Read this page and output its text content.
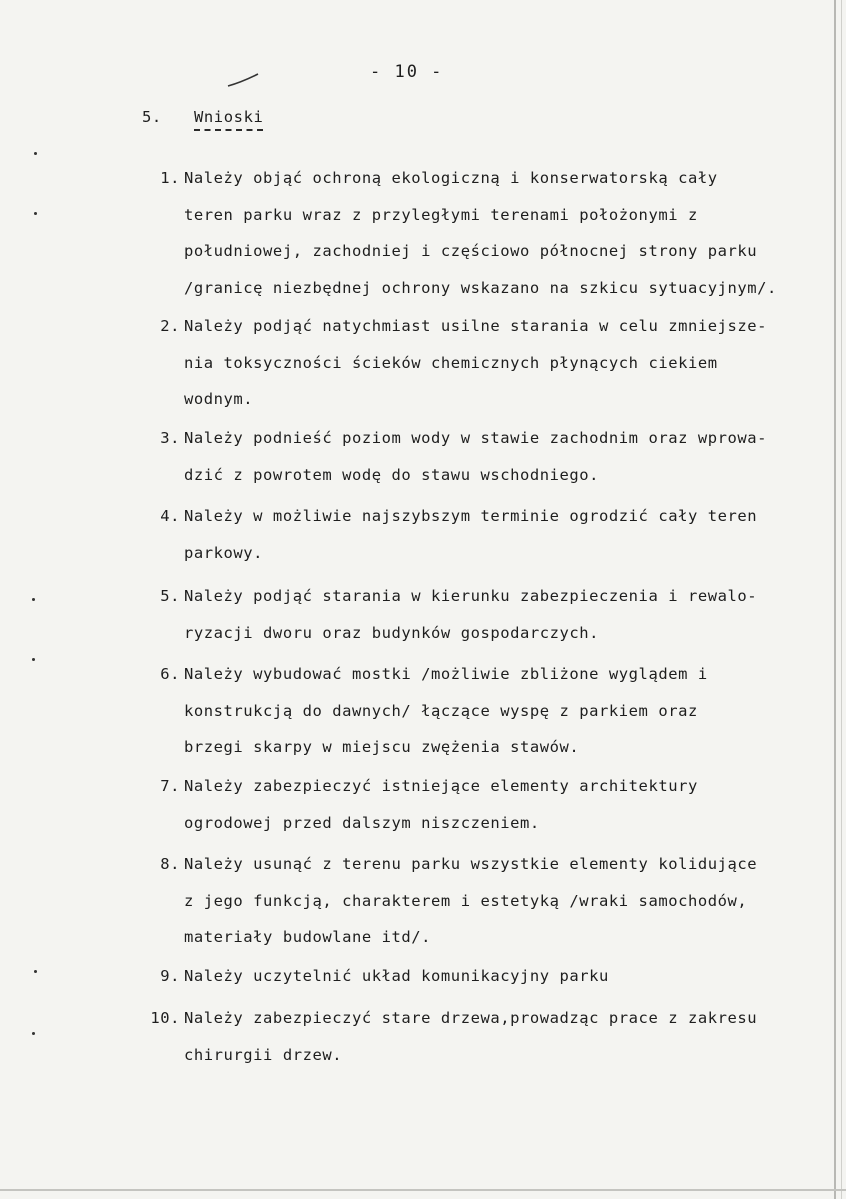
- 10 -
5. Wnioski
1. Należy objąć ochroną ekologiczną i konserwatorską cały
teren parku wraz z przyległymi terenami położonymi z
południowej, zachodniej i częściowo północnej strony parku
/granicę niezbędnej ochrony wskazano na szkicu sytuacyjnym/.
2. Należy podjąć natychmiast usilne starania w celu zmniejsze-
nia toksyczności ścieków chemicznych płynących ciekiem
wodnym.
3. Należy podnieść poziom wody w stawie zachodnim oraz wprowa-
dzić z powrotem wodę do stawu wschodniego.
4. Należy w możliwie najszybszym terminie ogrodzić cały teren
parkowy.
5. Należy podjąć starania w kierunku zabezpieczenia i rewalo-
ryzacji dworu oraz budynków gospodarczych.
6. Należy wybudować mostki /możliwie zbliżone wyglądem i
konstrukcją do dawnych/ łączące wyspę z parkiem oraz
brzegi skarpy w miejscu zwężenia stawów.
7. Należy zabezpieczyć istniejące elementy architektury
ogrodowej przed dalszym niszczeniem.
8. Należy usunąć z terenu parku wszystkie elementy kolidujące
z jego funkcją, charakterem i estetyką /wraki samochodów,
materiały budowlane itd/.
9. Należy uczytelnić układ komunikacyjny parku
10. Należy zabezpieczyć stare drzewa,prowadząc prace z zakresu
chirurgii drzew.
